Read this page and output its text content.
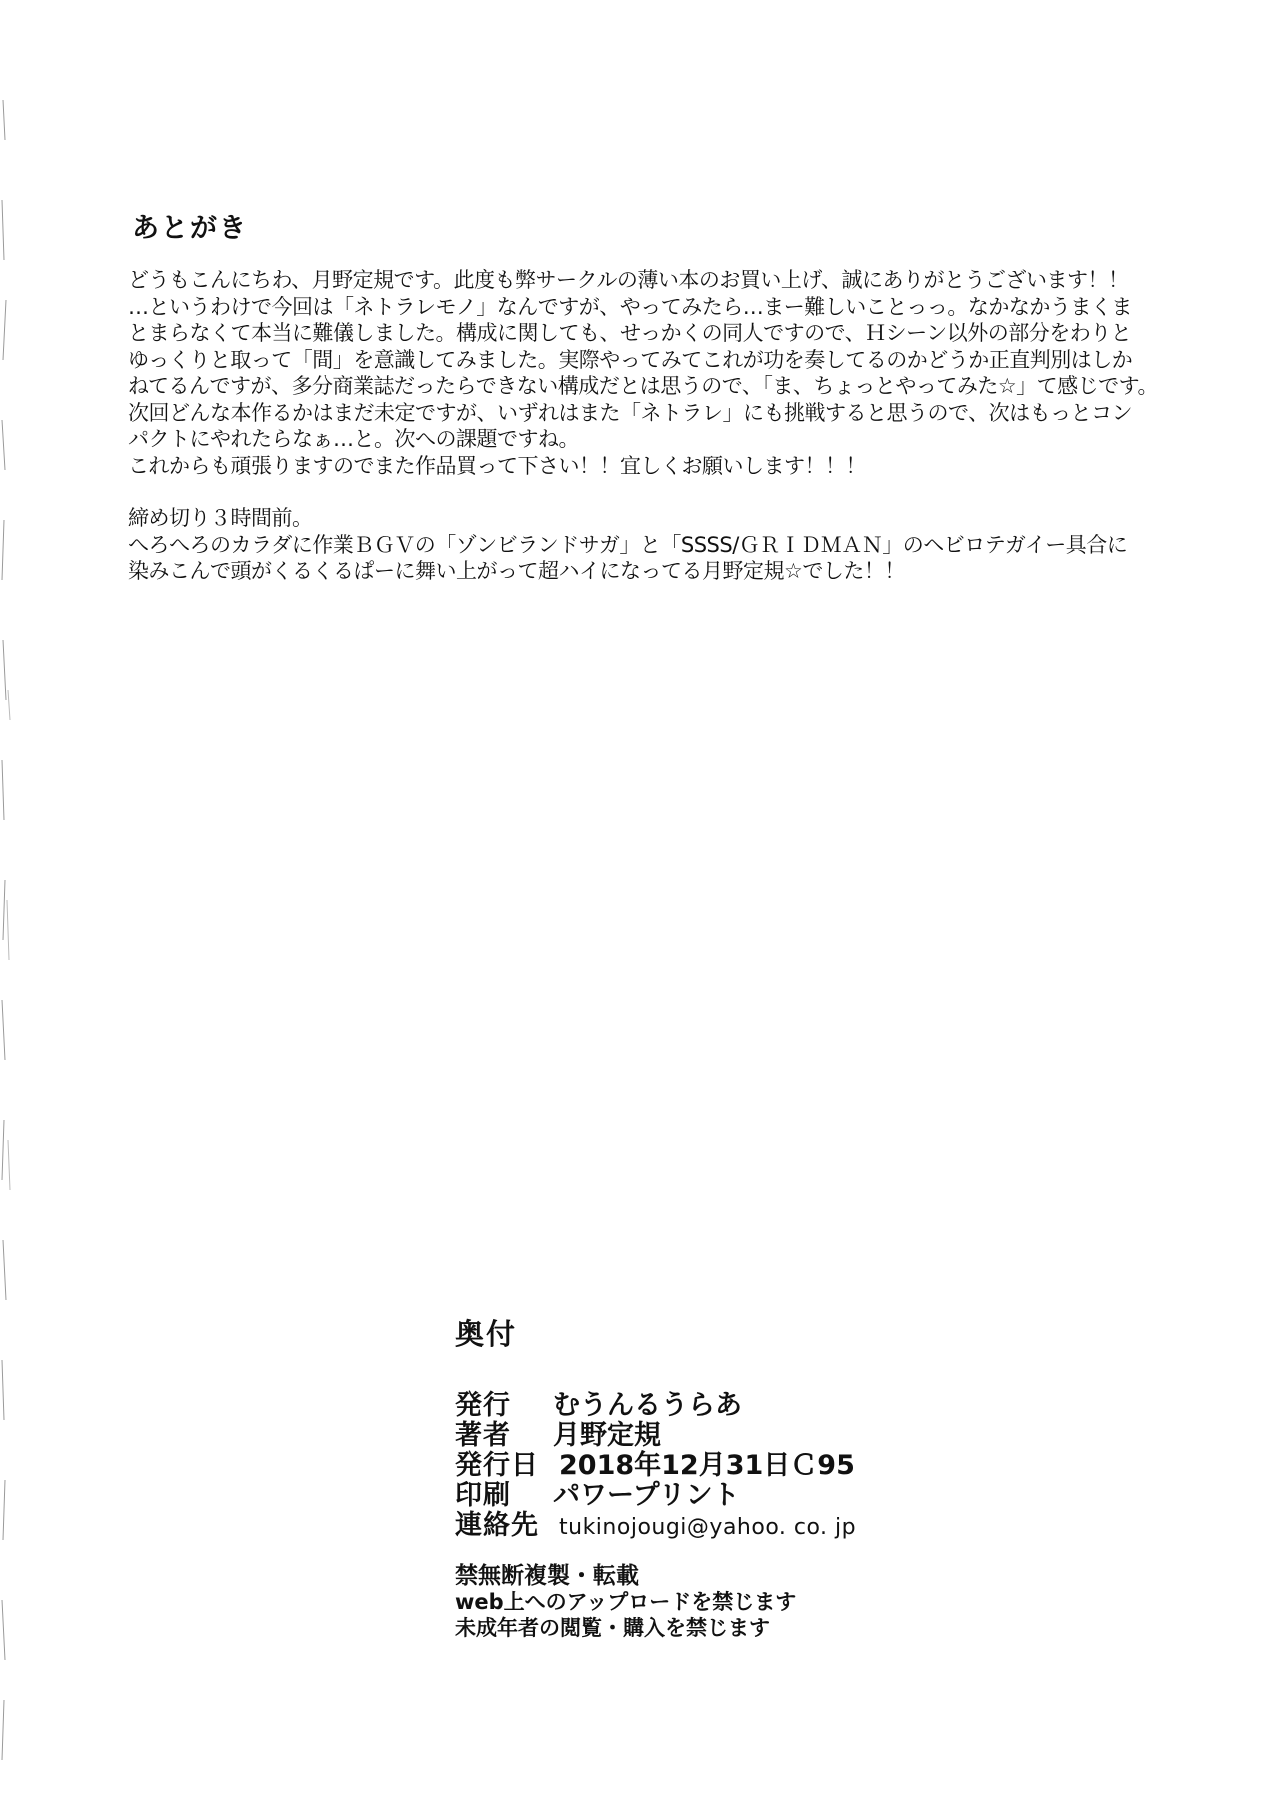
あとがき

どうもこんにちわ、月野定規です。此度も弊サークルの薄い本のお買い上げ、誠にありがとうございます！！

…というわけで今回は「ネトラレモノ」なんですが、やってみたら…まー難しいことっっ。なかなかうまくま

とまらなくて本当に難儀しました。構成に関しても、せっかくの同人ですので、Ｈシーン以外の部分をわりと

ゆっくりと取って「間」を意識してみました。実際やってみてこれが功を奏してるのかどうか正直判別はしか

ねてるんですが、多分商業誌だったらできない構成だとは思うので、「ま、ちょっとやってみた☆」て感じです。

次回どんな本作るかはまだ未定ですが、いずれはまた「ネトラレ」にも挑戦すると思うので、次はもっとコン

パクトにやれたらなぁ…と。次への課題ですね。

これからも頑張りますのでまた作品買って下さい！！宜しくお願いします！！！

締め切り３時間前。

へろへろのカラダに作業ＢＧＶの「ゾンビランドサガ」と「SSSS/ＧＲＩＤＭＡＮ」のヘビロテガイー具合に

染みこんで頭がくるくるぱーに舞い上がって超ハイになってる月野定規☆でした！！

奥付
発行	むうんるうらあ
著者	月野定規
発行日 2018年12月31日Ｃ95
印刷	パワープリント
連絡先 tukinojougi@yahoo. co. jp

禁無断複製・転載

web上へのアップロードを禁じます

未成年者の閲覧・購入を禁じます
